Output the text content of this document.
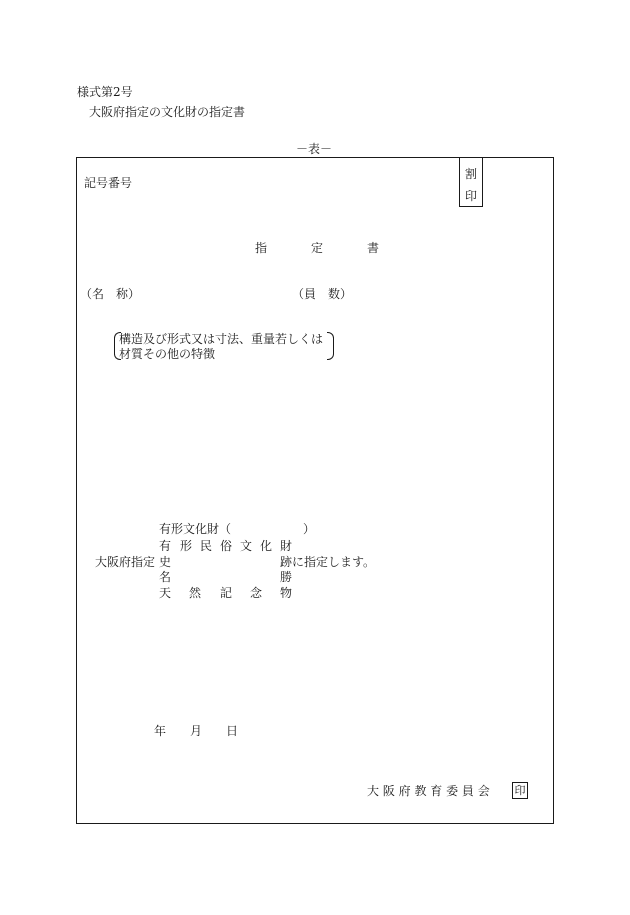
様式第2号
大阪府指定の文化財の指定書
－表－
割
印
記号番号
指	定	書
（名　称）	（員　数）
構造及び形式又は寸法、重量若しくは
材質その他の特徴
有形文化財（　　　　　　）
有 形 民 俗 文 化 財
大阪府指定 史	跡 に指定します。
名	勝
天 然 記 念 物
年 月 日
大 阪 府 教 育 委 員 会 印
